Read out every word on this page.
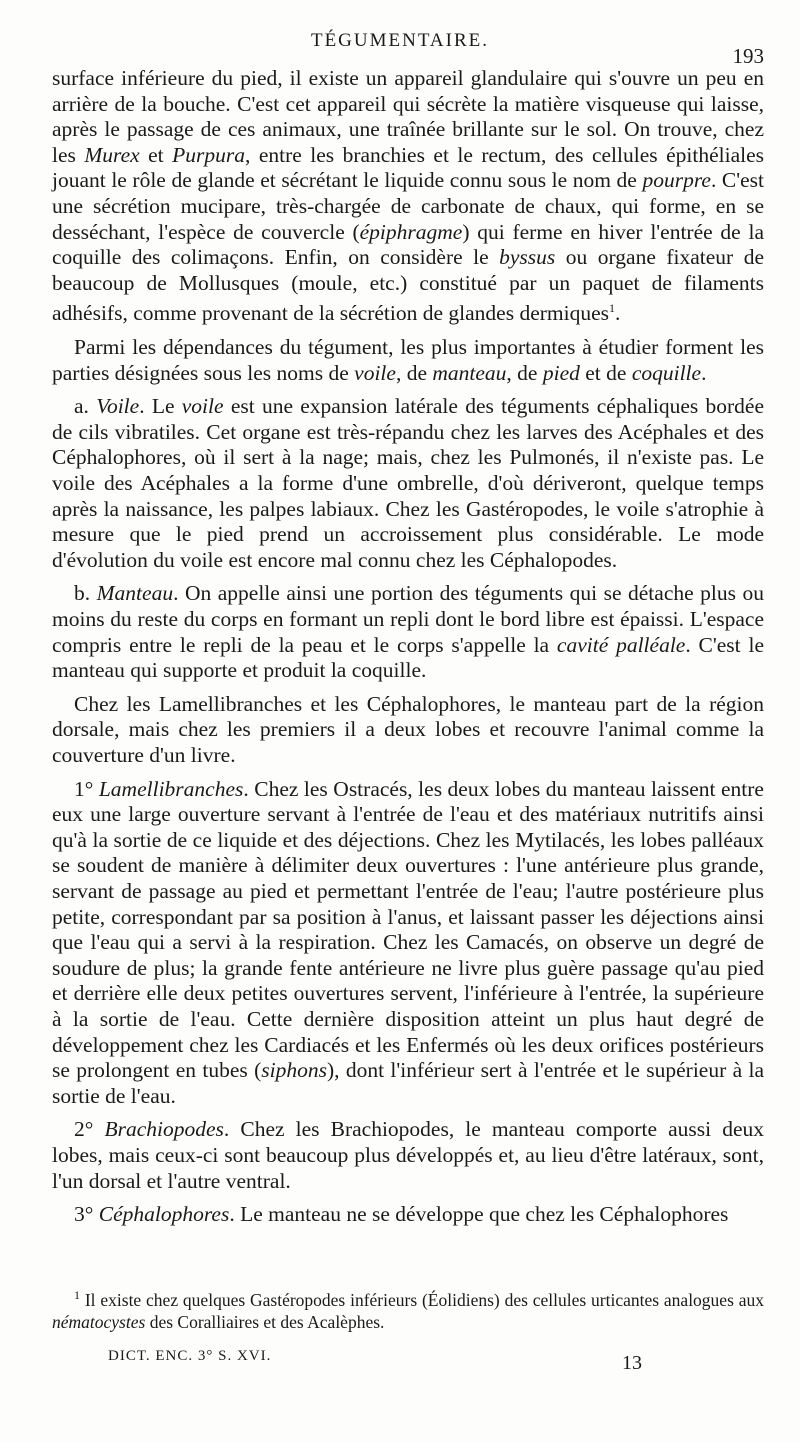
TÉGUMENTAIRE.
193

surface inférieure du pied, il existe un appareil glandulaire qui s'ouvre un peu en arrière de la bouche. C'est cet appareil qui sécrète la matière visqueuse qui laisse, après le passage de ces animaux, une traînée brillante sur le sol. On trouve, chez les Murex et Purpura, entre les branchies et le rectum, des cellules épithéliales jouant le rôle de glande et sécrétant le liquide connu sous le nom de pourpre. C'est une sécrétion mucipare, très-chargée de carbonate de chaux, qui forme, en se desséchant, l'espèce de couvercle (épiphragme) qui ferme en hiver l'entrée de la coquille des colimaçons. Enfin, on considère le byssus ou organe fixateur de beaucoup de Mollusques (moule, etc.) constitué par un paquet de filaments adhésifs, comme provenant de la sécrétion de glandes dermiques$^1$.

Parmi les dépendances du tégument, les plus importantes à étudier forment les parties désignées sous les noms de voile, de manteau, de pied et de coquille.

a. Voile. Le voile est une expansion latérale des téguments céphaliques bordée de cils vibratiles. Cet organe est très-répandu chez les larves des Acéphales et des Céphalophores, où il sert à la nage; mais, chez les Pulmonés, il n'existe pas. Le voile des Acéphales a la forme d'une ombrelle, d'où dériveront, quelque temps après la naissance, les palpes labiaux. Chez les Gastéropodes, le voile s'atrophie à mesure que le pied prend un accroissement plus considérable. Le mode d'évolution du voile est encore mal connu chez les Céphalopodes.

b. Manteau. On appelle ainsi une portion des téguments qui se détache plus ou moins du reste du corps en formant un repli dont le bord libre est épaissi. L'espace compris entre le repli de la peau et le corps s'appelle la cavité palléale. C'est le manteau qui supporte et produit la coquille.

Chez les Lamellibranches et les Céphalophores, le manteau part de la région dorsale, mais chez les premiers il a deux lobes et recouvre l'animal comme la couverture d'un livre.

1° Lamellibranches. Chez les Ostracés, les deux lobes du manteau laissent entre eux une large ouverture servant à l'entrée de l'eau et des matériaux nutritifs ainsi qu'à la sortie de ce liquide et des déjections. Chez les Mytilacés, les lobes palléaux se soudent de manière à délimiter deux ouvertures : l'une antérieure plus grande, servant de passage au pied et permettant l'entrée de l'eau; l'autre postérieure plus petite, correspondant par sa position à l'anus, et laissant passer les déjections ainsi que l'eau qui a servi à la respiration. Chez les Camacés, on observe un degré de soudure de plus; la grande fente antérieure ne livre plus guère passage qu'au pied et derrière elle deux petites ouvertures servent, l'inférieure à l'entrée, la supérieure à la sortie de l'eau. Cette dernière disposition atteint un plus haut degré de développement chez les Cardiacés et les Enfermés où les deux orifices postérieurs se prolongent en tubes (siphons), dont l'inférieur sert à l'entrée et le supérieur à la sortie de l'eau.

2° Brachiopodes. Chez les Brachiopodes, le manteau comporte aussi deux lobes, mais ceux-ci sont beaucoup plus développés et, au lieu d'être latéraux, sont, l'un dorsal et l'autre ventral.

3° Céphalophores. Le manteau ne se développe que chez les Céphalophores

$^1$ Il existe chez quelques Gastéropodes inférieurs (Éolidiens) des cellules urticantes analogues aux nématocystes des Coralliaires et des Acalèphes.

DICT. ENC. 3° S. XVI.	13
